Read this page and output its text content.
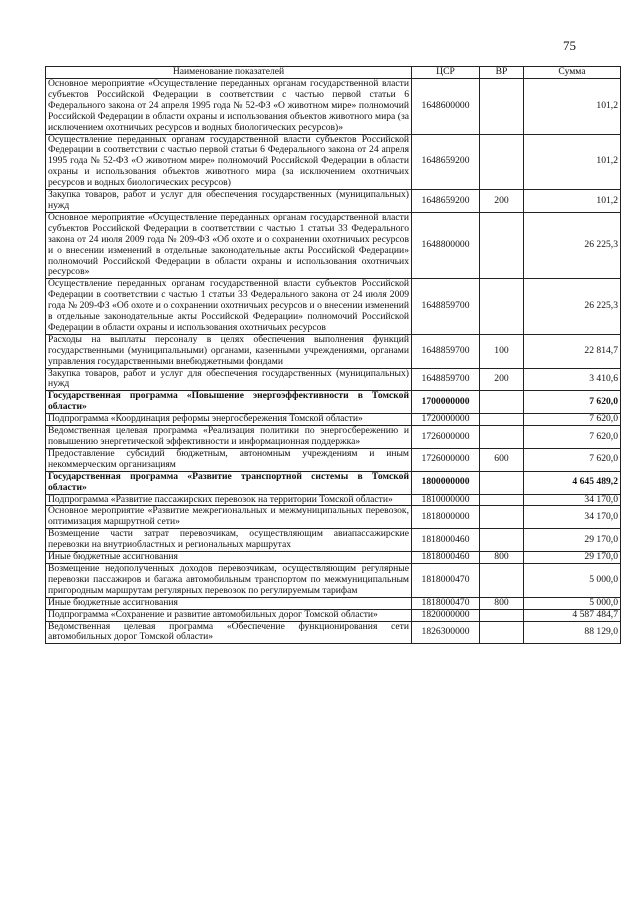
75
Наименование показателей	ЦСР	ВР	Сумма
Основное мероприятие «Осуществление переданных органам государственной власти субъектов Российской Федерации в соответствии с частью первой статьи 6 Федерального закона от 24 апреля 1995 года № 52-ФЗ «О животном мире» полномочий Российской Федерации в области охраны и использования объектов животного мира (за исключением охотничьих ресурсов и водных биологических ресурсов)»	1648600000		101,2
Осуществление переданных органам государственной власти субъектов Российской Федерации в соответствии с частью первой статьи 6 Федерального закона от 24 апреля 1995 года № 52-ФЗ «О животном мире» полномочий Российской Федерации в области охраны и использования объектов животного мира (за исключением охотничьих ресурсов и водных биологических ресурсов)	1648659200		101,2
Закупка товаров, работ и услуг для обеспечения государственных (муниципальных) нужд	1648659200	200	101,2
Основное мероприятие «Осуществление переданных органам государственной власти субъектов Российской Федерации в соответствии с частью 1 статьи 33 Федерального закона от 24 июля 2009 года № 209-ФЗ «Об охоте и о сохранении охотничьих ресурсов и о внесении изменений в отдельные законодательные акты Российской Федерации» полномочий Российской Федерации в области охраны и использования охотничьих ресурсов»	1648800000		26 225,3
Осуществление переданных органам государственной власти субъектов Российской Федерации в соответствии с частью 1 статьи 33 Федерального закона от 24 июля 2009 года № 209-ФЗ «Об охоте и о сохранении охотничьих ресурсов и о внесении изменений в отдельные законодательные акты Российской Федерации» полномочий Российской Федерации в области охраны и использования охотничьих ресурсов	1648859700		26 225,3
Расходы на выплаты персоналу в целях обеспечения выполнения функций государственными (муниципальными) органами, казенными учреждениями, органами управления государственными внебюджетными фондами	1648859700	100	22 814,7
Закупка товаров, работ и услуг для обеспечения государственных (муниципальных) нужд	1648859700	200	3 410,6
Государственная программа «Повышение энергоэффективности в Томской области»	1700000000		7 620,0
Подпрограмма «Координация реформы энергосбережения Томской области»	1720000000		7 620,0
Ведомственная целевая программа «Реализация политики по энергосбережению и повышению энергетической эффективности и информационная поддержка»	1726000000		7 620,0
Предоставление субсидий бюджетным, автономным учреждениям и иным некоммерческим организациям	1726000000	600	7 620,0
Государственная программа «Развитие транспортной системы в Томской области»	1800000000		4 645 489,2
Подпрограмма «Развитие пассажирских перевозок на территории Томской области»	1810000000		34 170,0
Основное мероприятие «Развитие межрегиональных и межмуниципальных перевозок, оптимизация маршрутной сети»	1818000000		34 170,0
Возмещение части затрат перевозчикам, осуществляющим авиапассажирские перевозки на внутриобластных и региональных маршрутах	1818000460		29 170,0
Иные бюджетные ассигнования	1818000460	800	29 170,0
Возмещение недополученных доходов перевозчикам, осуществляющим регулярные перевозки пассажиров и багажа автомобильным транспортом по межмуниципальным пригородным маршрутам регулярных перевозок по регулируемым тарифам	1818000470		5 000,0
Иные бюджетные ассигнования	1818000470	800	5 000,0
Подпрограмма «Сохранение и развитие автомобильных дорог Томской области»	1820000000		4 587 484,7
Ведомственная целевая программа «Обеспечение функционирования сети автомобильных дорог Томской области»	1826300000		88 129,0
